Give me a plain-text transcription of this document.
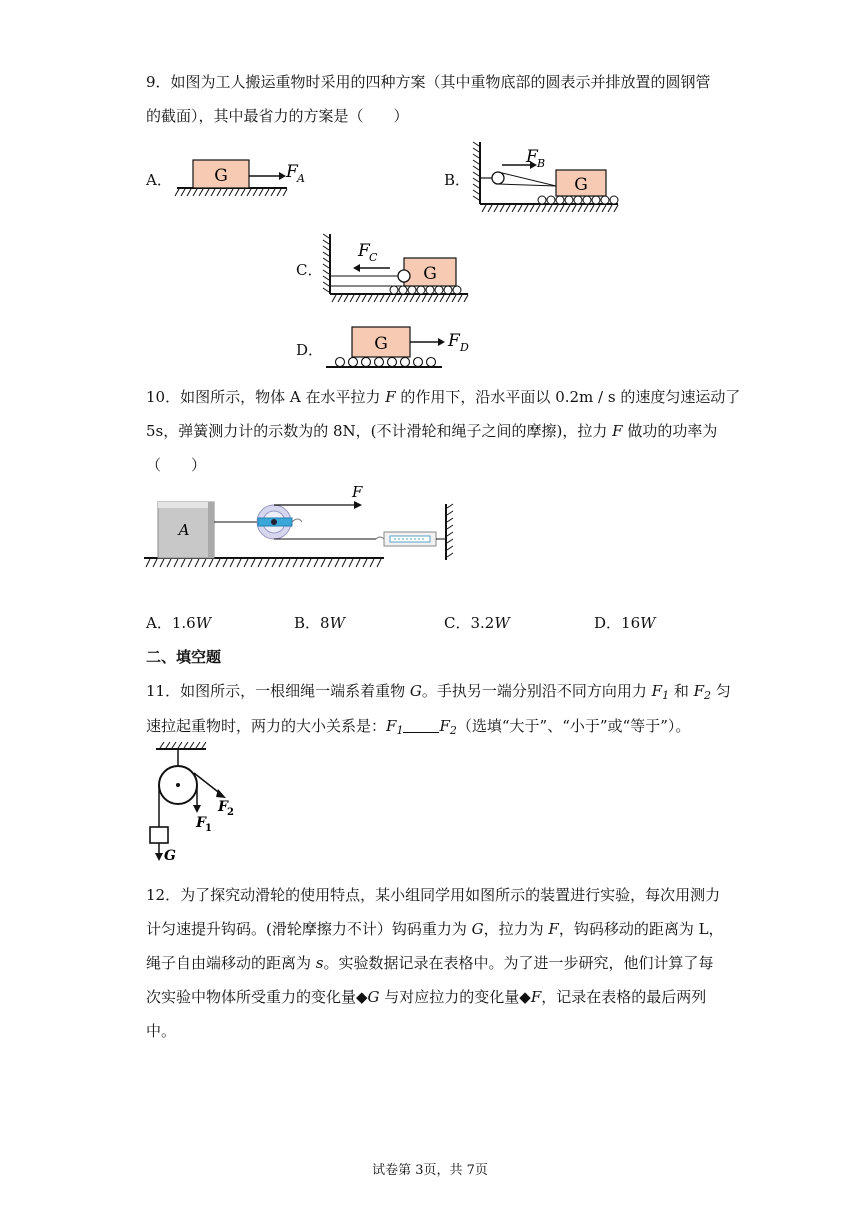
9．如图为工人搬运重物时采用的四种方案（其中重物底部的圆表示并排放置的圆钢管
的截面），其中最省力的方案是（　　）
A． G	F A	B．	G
F B
C．	G
F C
D．	G	F D
10．如图所示，物体 A 在水平拉力 F 的作用下，沿水平面以 0.2m / s 的速度匀速运动了
5s，弹簧测力计的示数为的 8N，(不计滑轮和绳子之间的摩擦)，拉力 F 做功的功率为
（　　）
A
F
A．1.6W	B．8W	C．3.2W	D．16W
二、填空题
11．如图所示，一根细绳一端系着重物 G。手执另一端分别沿不同方向用力 $F_1$ 和 $F_2$ 匀
速拉起重物时，两力的大小关系是：$F_1$ $F_2$（选填“大于”、“小于”或“等于”）。
F 1
F 2
G
12．为了探究动滑轮的使用特点，某小组同学用如图所示的装置进行实验，每次用测力
计匀速提升钩码。(滑轮摩擦力不计）钩码重力为 G，拉力为 F，钩码移动的距离为 L，
绳子自由端移动的距离为 s。实验数据记录在表格中。为了进一步研究，他们计算了每
次实验中物体所受重力的变化量◆G 与对应拉力的变化量◆F，记录在表格的最后两列
中。
试卷第 3页，共 7页
